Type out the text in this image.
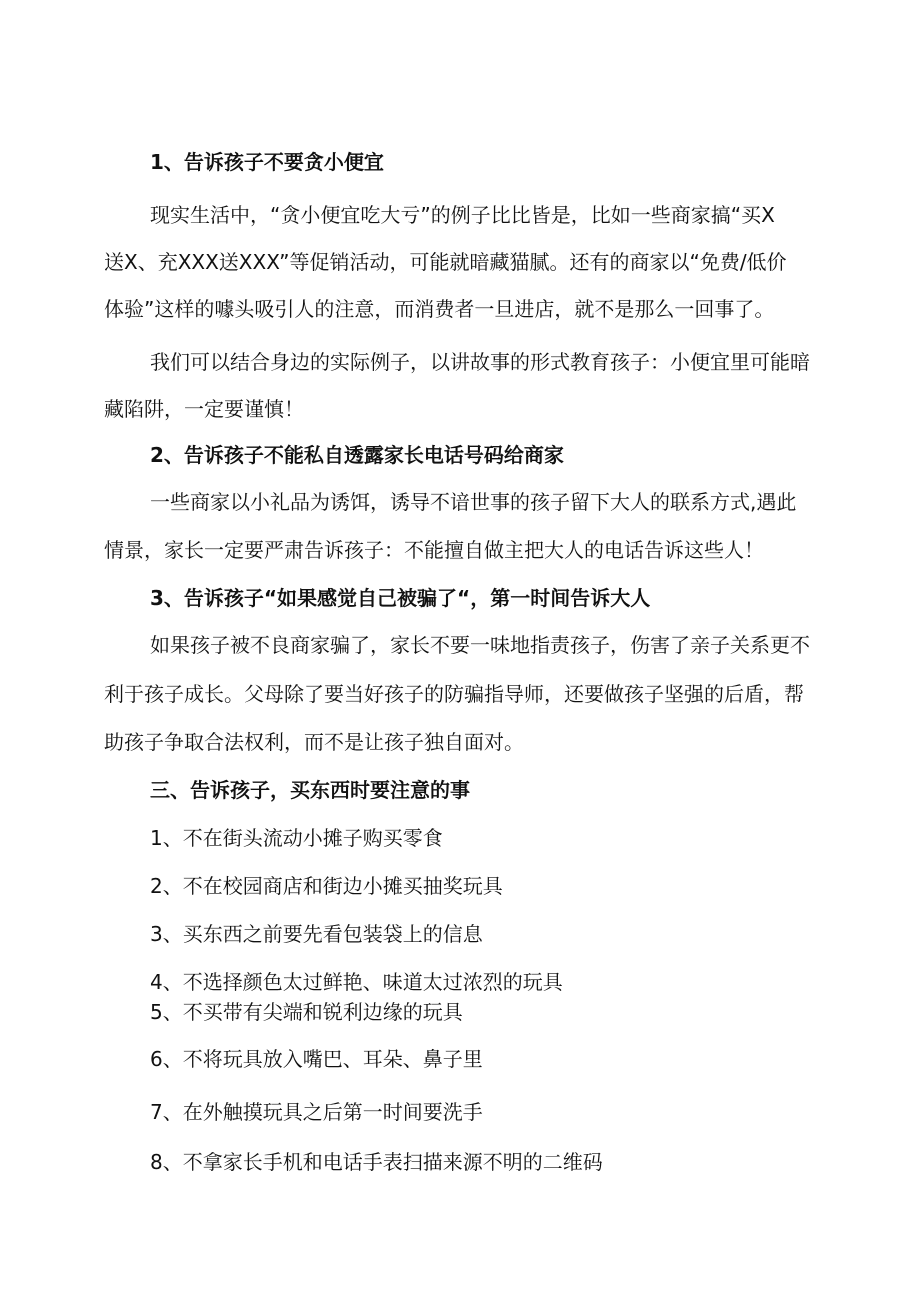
1、告诉孩子不要贪小便宜
现实生活中，“贪小便宜吃大亏”的例子比比皆是，比如一些商家搞“买X
送X、充XXX送XXX”等促销活动，可能就暗藏猫腻。还有的商家以“免费/低价
体验”这样的噱头吸引人的注意，而消费者一旦进店，就不是那么一回事了。
我们可以结合身边的实际例子，以讲故事的形式教育孩子：小便宜里可能暗
藏陷阱，一定要谨慎！
2、告诉孩子不能私自透露家长电话号码给商家
一些商家以小礼品为诱饵，诱导不谙世事的孩子留下大人的联系方式,遇此
情景，家长一定要严肃告诉孩子：不能擅自做主把大人的电话告诉这些人！
3、告诉孩子“如果感觉自己被骗了“，第一时间告诉大人
如果孩子被不良商家骗了，家长不要一味地指责孩子，伤害了亲子关系更不
利于孩子成长。父母除了要当好孩子的防骗指导师，还要做孩子坚强的后盾，帮
助孩子争取合法权利，而不是让孩子独自面对。
三、告诉孩子，买东西时要注意的事
1、不在街头流动小摊子购买零食
2、不在校园商店和街边小摊买抽奖玩具
3、买东西之前要先看包装袋上的信息
4、不选择颜色太过鲜艳、味道太过浓烈的玩具
5、不买带有尖端和锐利边缘的玩具
6、不将玩具放入嘴巴、耳朵、鼻子里
7、在外触摸玩具之后第一时间要洗手
8、不拿家长手机和电话手表扫描来源不明的二维码
